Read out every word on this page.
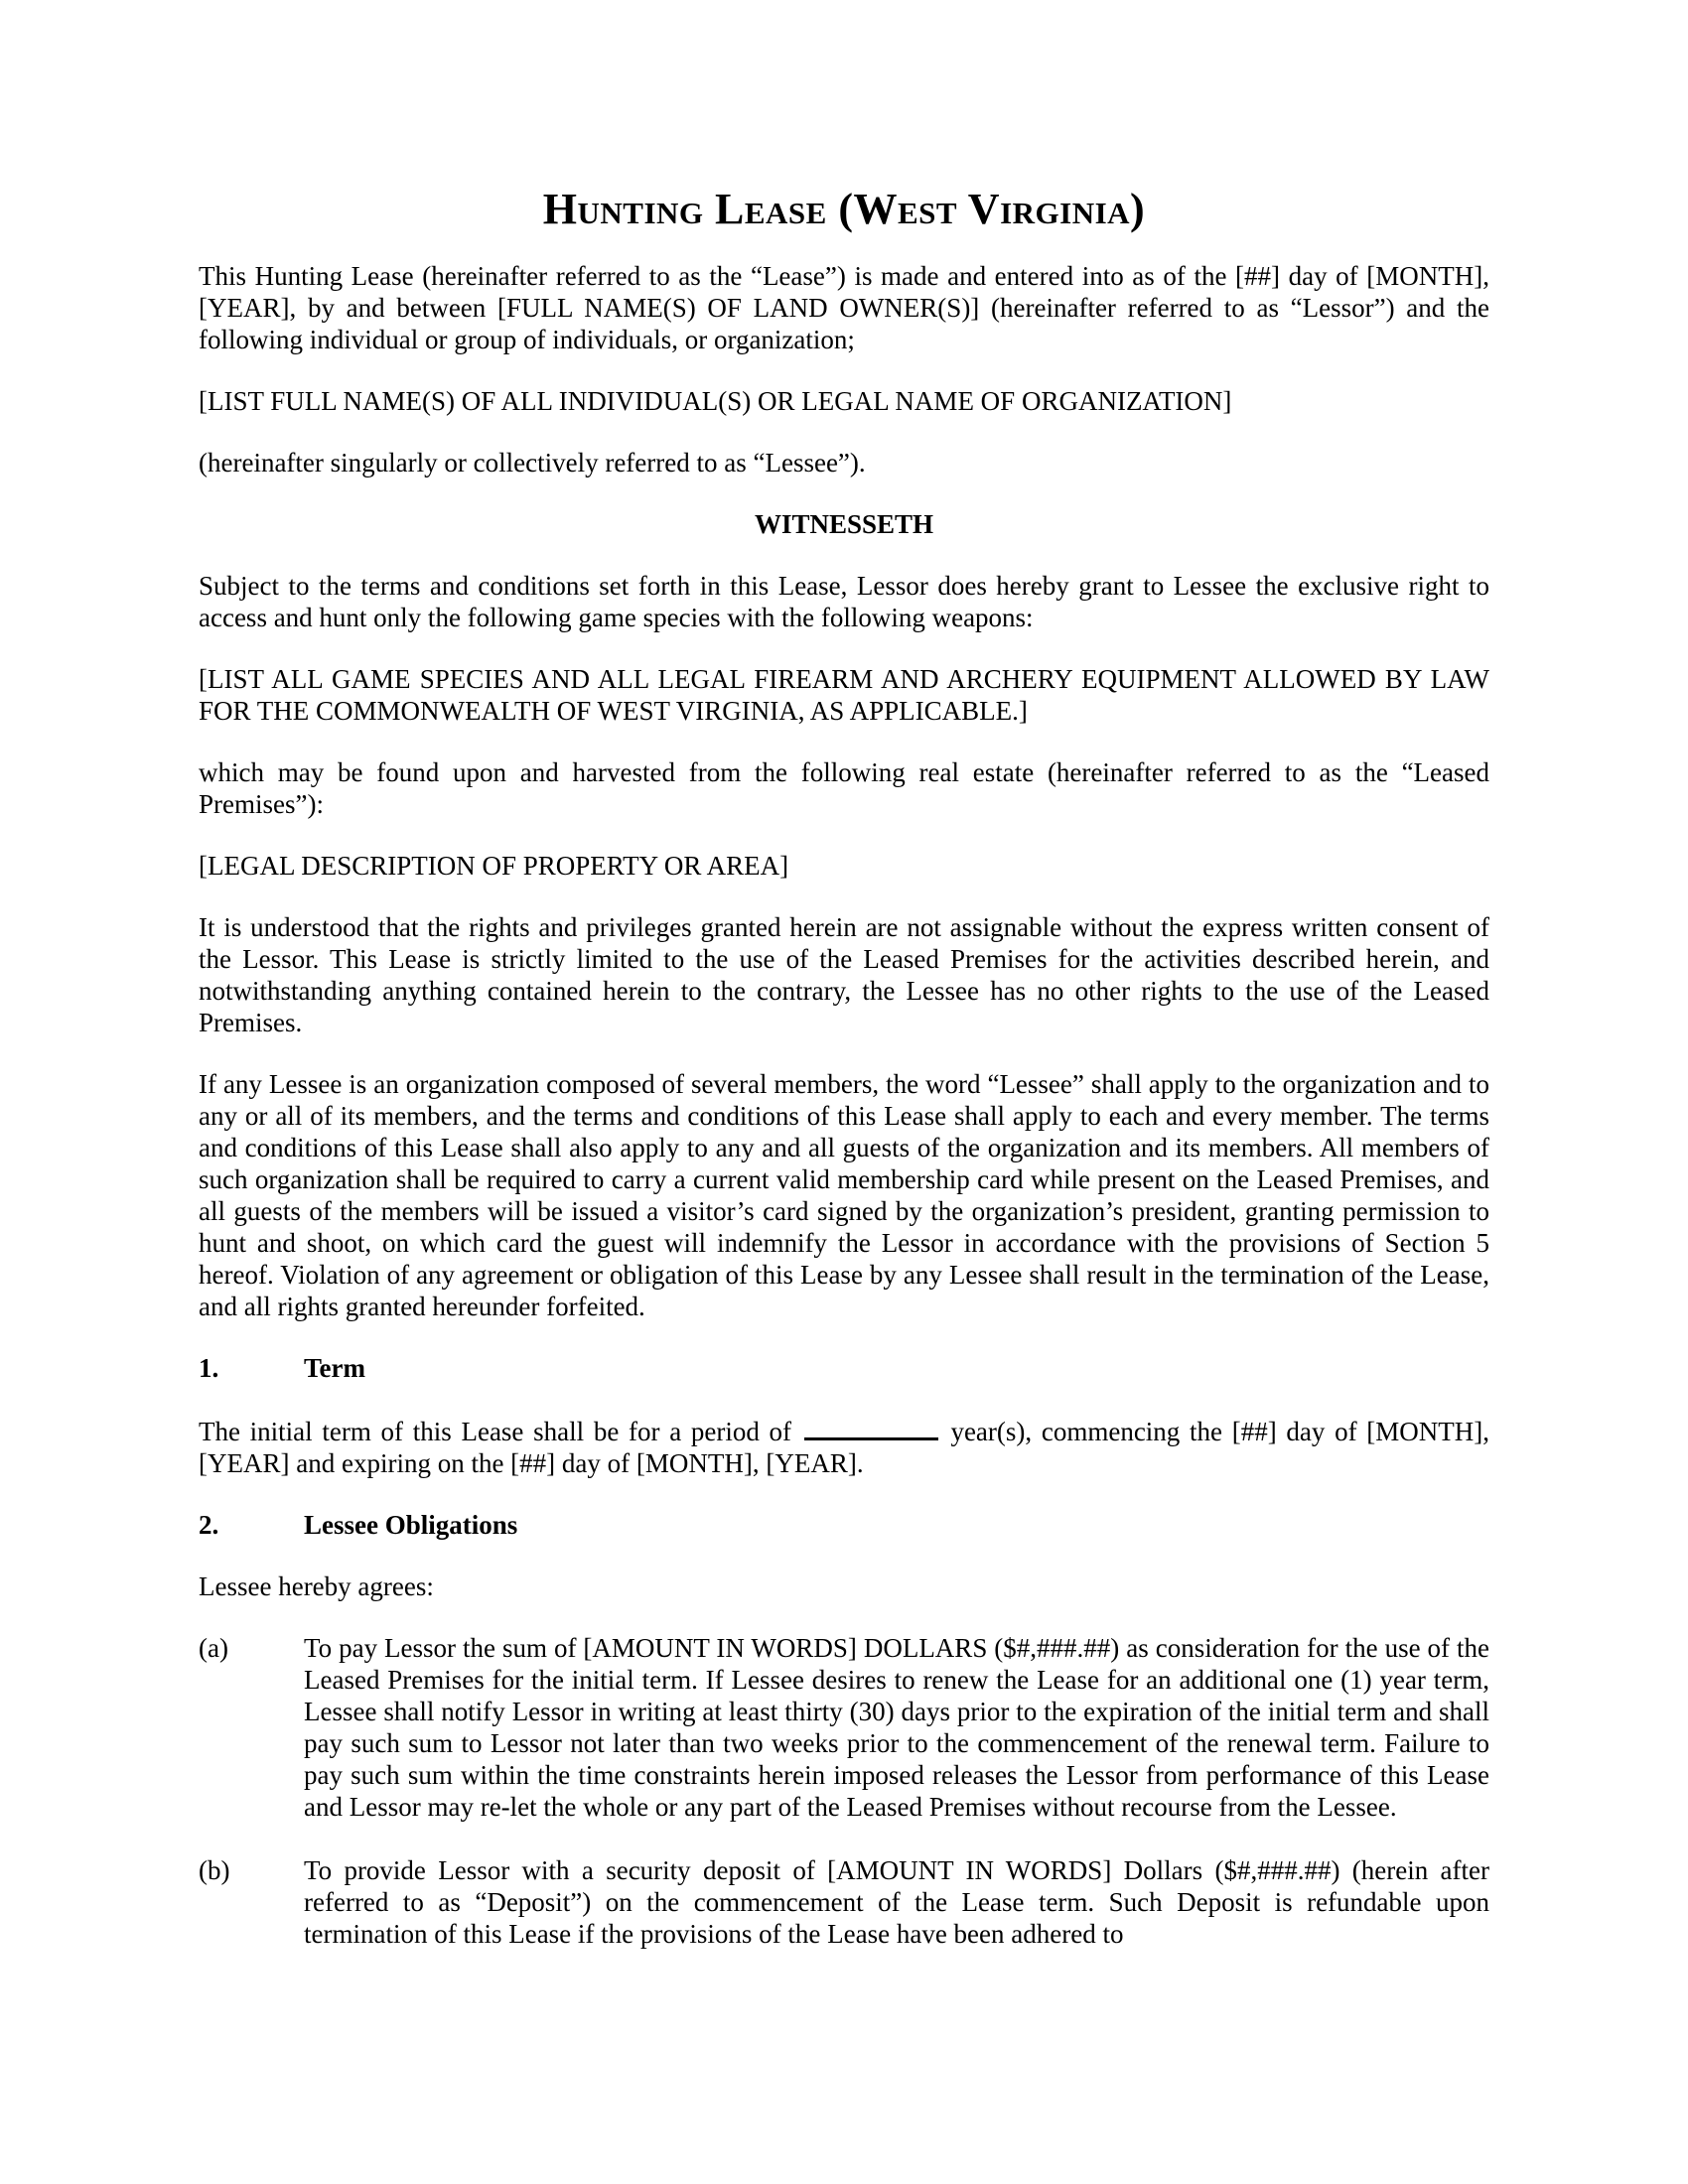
Hunting Lease (West Virginia)

This Hunting Lease (hereinafter referred to as the “Lease”) is made and entered into as of the [##] day of [MONTH], [YEAR], by and between [FULL NAME(S) OF LAND OWNER(S)] (hereinafter referred to as “Lessor”) and the following individual or group of individuals, or organization;

[LIST FULL NAME(S) OF ALL INDIVIDUAL(S) OR LEGAL NAME OF ORGANIZATION]

(hereinafter singularly or collectively referred to as “Lessee”).

WITNESSETH

Subject to the terms and conditions set forth in this Lease, Lessor does hereby grant to Lessee the exclusive right to access and hunt only the following game species with the following weapons:

[LIST ALL GAME SPECIES AND ALL LEGAL FIREARM AND ARCHERY EQUIPMENT ALLOWED BY LAW FOR THE COMMONWEALTH OF WEST VIRGINIA, AS APPLICABLE.]

which may be found upon and harvested from the following real estate (hereinafter referred to as the “Leased Premises”):

[LEGAL DESCRIPTION OF PROPERTY OR AREA]

It is understood that the rights and privileges granted herein are not assignable without the express written consent of the Lessor. This Lease is strictly limited to the use of the Leased Premises for the activities described herein, and notwithstanding anything contained herein to the contrary, the Lessee has no other rights to the use of the Leased Premises.

If any Lessee is an organization composed of several members, the word “Lessee” shall apply to the organization and to any or all of its members, and the terms and conditions of this Lease shall apply to each and every member. The terms and conditions of this Lease shall also apply to any and all guests of the organization and its members. All members of such organization shall be required to carry a current valid membership card while present on the Leased Premises, and all guests of the members will be issued a visitor’s card signed by the organization’s president, granting permission to hunt and shoot, on which card the guest will indemnify the Lessor in accordance with the provisions of Section 5 hereof. Violation of any agreement or obligation of this Lease by any Lessee shall result in the termination of the Lease, and all rights granted hereunder forfeited.

1.	Term

The initial term of this Lease shall be for a period of	year(s), commencing the [##] day of [MONTH], [YEAR] and expiring on the [##] day of [MONTH], [YEAR].

2.	Lessee Obligations

Lessee hereby agrees:

(a)	To pay Lessor the sum of [AMOUNT IN WORDS] DOLLARS ($#,###.##) as consideration for the use of the Leased Premises for the initial term. If Lessee desires to renew the Lease for an additional one (1) year term, Lessee shall notify Lessor in writing at least thirty (30) days prior to the expiration of the initial term and shall pay such sum to Lessor not later than two weeks prior to the commencement of the renewal term. Failure to pay such sum within the time constraints herein imposed releases the Lessor from performance of this Lease and Lessor may re-let the whole or any part of the Leased Premises without recourse from the Lessee.
(b)	To provide Lessor with a security deposit of [AMOUNT IN WORDS] Dollars ($#,###.##) (herein after referred to as “Deposit”) on the commencement of the Lease term. Such Deposit is refundable upon termination of this Lease if the provisions of the Lease have been adhered to
